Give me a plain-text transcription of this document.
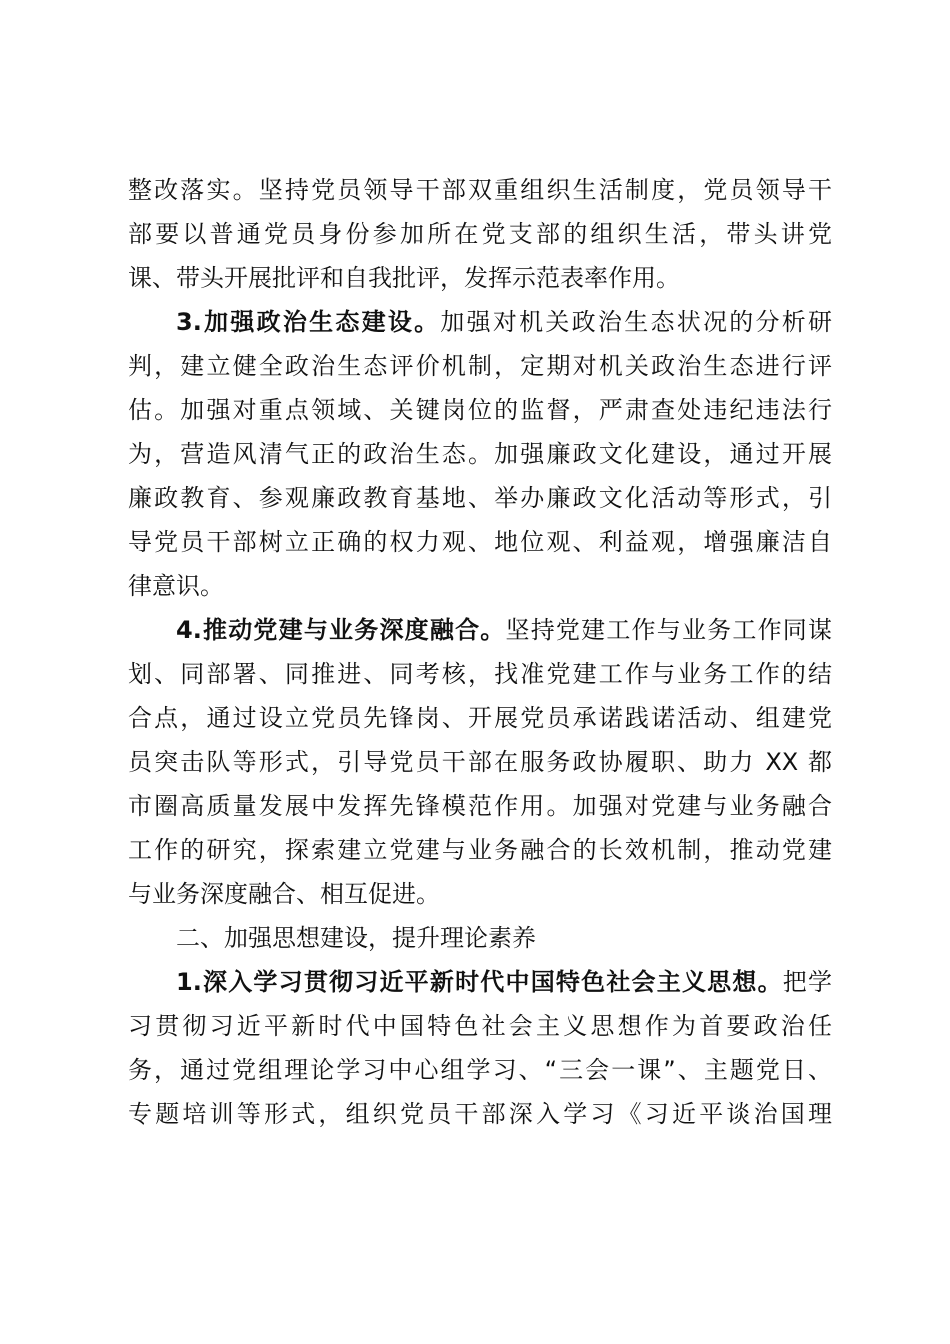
整改落实。坚持党员领导干部双重组织生活制度，党员领导干
部要以普通党员身份参加所在党支部的组织生活，带头讲党
课、带头开展批评和自我批评，发挥示范表率作用。
3.加强政治生态建设。加强对机关政治生态状况的分析研
判，建立健全政治生态评价机制，定期对机关政治生态进行评
估。加强对重点领域、关键岗位的监督，严肃查处违纪违法行
为，营造风清气正的政治生态。加强廉政文化建设，通过开展
廉政教育、参观廉政教育基地、举办廉政文化活动等形式，引
导党员干部树立正确的权力观、地位观、利益观，增强廉洁自
律意识。
4.推动党建与业务深度融合。坚持党建工作与业务工作同谋
划、同部署、同推进、同考核，找准党建工作与业务工作的结
合点，通过设立党员先锋岗、开展党员承诺践诺活动、组建党
员突击队等形式，引导党员干部在服务政协履职、助力 XX 都
市圈高质量发展中发挥先锋模范作用。加强对党建与业务融合
工作的研究，探索建立党建与业务融合的长效机制，推动党建
与业务深度融合、相互促进。
二、加强思想建设，提升理论素养
1.深入学习贯彻习近平新时代中国特色社会主义思想。把学
习贯彻习近平新时代中国特色社会主义思想作为首要政治任
务，通过党组理论学习中心组学习、“三会一课”、主题党日、
专题培训等形式，组织党员干部深入学习《习近平谈治国理
